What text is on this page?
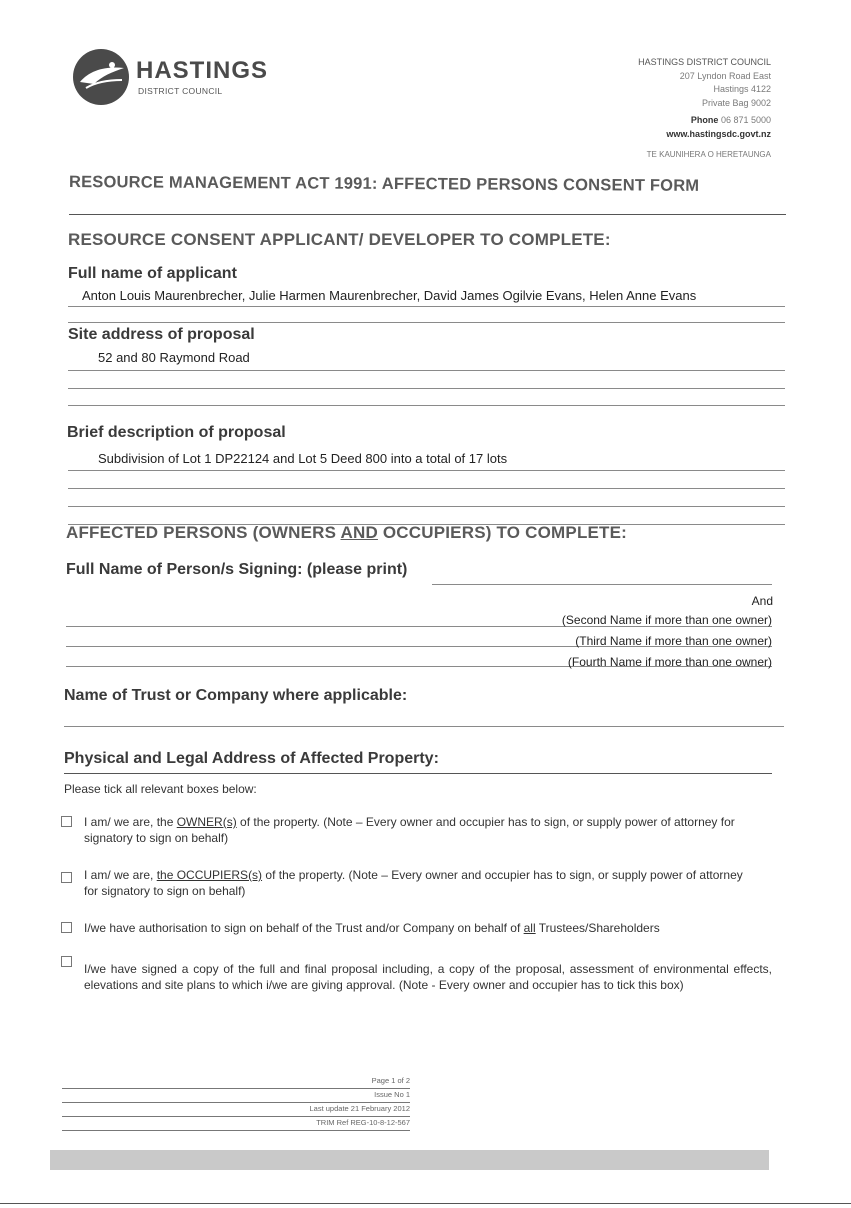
HASTINGS
DISTRICT COUNCIL
HASTINGS DISTRICT COUNCIL
207 Lyndon Road East
Hastings 4122
Private Bag 9002
Phone 06 871 5000
www.hastingsdc.govt.nz
TE KAUNIHERA O HERETAUNGA
RESOURCE MANAGEMENT ACT 1991: AFFECTED PERSONS CONSENT FORM
RESOURCE CONSENT APPLICANT/ DEVELOPER TO COMPLETE:
Full name of applicant
Anton Louis Maurenbrecher, Julie Harmen Maurenbrecher, David James Ogilvie Evans, Helen Anne Evans
Site address of proposal
52 and 80 Raymond Road
Brief description of proposal
Subdivision of Lot 1 DP22124 and Lot 5 Deed 800 into a total of 17 lots
AFFECTED PERSONS (OWNERS AND OCCUPIERS) TO COMPLETE:
Full Name of Person/s Signing: (please print)
And
(Second Name if more than one owner)
(Third Name if more than one owner)
(Fourth Name if more than one owner)
Name of Trust or Company where applicable:
Physical and Legal Address of Affected Property:
Please tick all relevant boxes below:
I am/ we are, the OWNER(s) of the property. (Note – Every owner and occupier has to sign, or supply power of attorney for signatory to sign on behalf)
I am/ we are, the OCCUPIERS(s) of the property. (Note – Every owner and occupier has to sign, or supply power of attorney for signatory to sign on behalf)
I/we have authorisation to sign on behalf of the Trust and/or Company on behalf of all Trustees/Shareholders
I/we have signed a copy of the full and final proposal including, a copy of the proposal, assessment of environmental effects, elevations and site plans to which i/we are giving approval. (Note - Every owner and occupier has to tick this box)
Page 1 of 2
Issue No 1
Last update 21 February 2012
TRIM Ref REG-10-8-12-567
